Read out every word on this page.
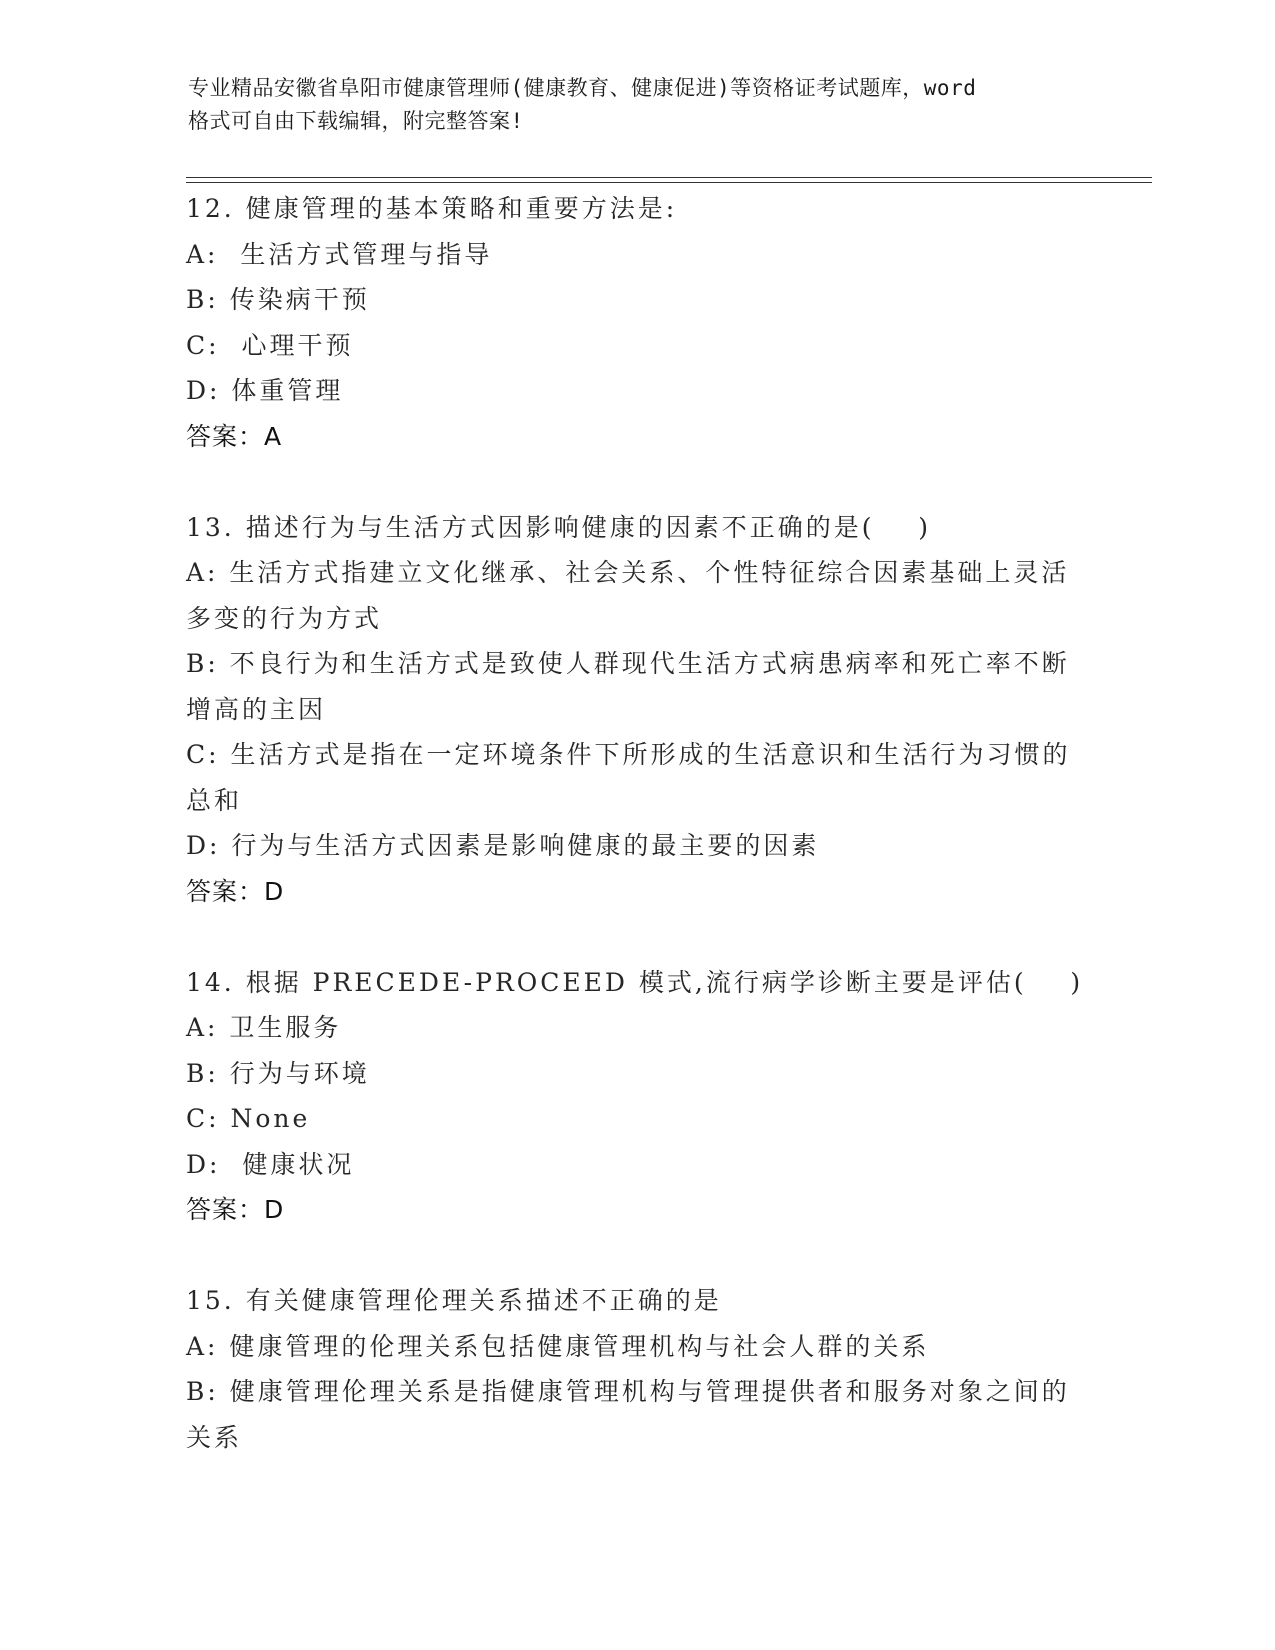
专业精品安徽省阜阳市健康管理师(健康教育、健康促进)等资格证考试题库，word
格式可自由下载编辑，附完整答案!
12. 健康管理的基本策略和重要方法是:
A:  生活方式管理与指导
B: 传染病干预
C:  心理干预
D: 体重管理
答案：A
13. 描述行为与生活方式因影响健康的因素不正确的是(    )
A: 生活方式指建立文化继承、社会关系、个性特征综合因素基础上灵活多变的行为方式
B: 不良行为和生活方式是致使人群现代生活方式病患病率和死亡率不断增高的主因
C: 生活方式是指在一定环境条件下所形成的生活意识和生活行为习惯的总和
D: 行为与生活方式因素是影响健康的最主要的因素
答案：D
14. 根据 PRECEDE-PROCEED 模式,流行病学诊断主要是评估(    )
A: 卫生服务
B: 行为与环境
C: None
D:  健康状况
答案：D
15. 有关健康管理伦理关系描述不正确的是
A: 健康管理的伦理关系包括健康管理机构与社会人群的关系
B: 健康管理伦理关系是指健康管理机构与管理提供者和服务对象之间的关系
